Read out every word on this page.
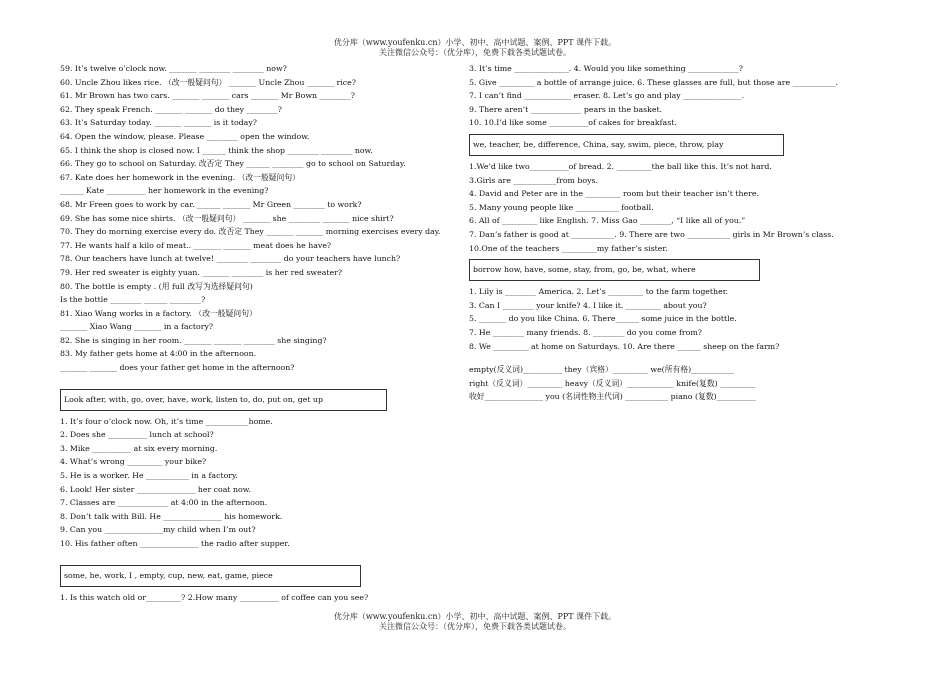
优分库（www.youfenku.cn）小学、初中、高中试题、案例、PPT 课件下载。
关注微信公众号：（优分库），免费下载各类试题试卷。
59. It’s twelve o’clock now. _______ ________ ________ now?
60. Uncle Zhou likes rice. （改一般疑问句） _______ Uncle Zhou _______ rice?
61. Mr Brown has two cars. _______ _______ cars _______ Mr Bown ________?
62. They speak French. _______ _______ do they ________?
63. It’s Saturday today. _______ _______ is it today?
64. Open the window, please. Please ________ open the window.
65. I think the shop is closed now. I ______ think the shop ________ ________ now.
66. They go to school on Saturday. 改否定 They ______ ________ go to school on Saturday.
67. Kate does her homework in the evening. （改一般疑问句）
______ Kate __________ her homework in the evening?
68. Mr Freen goes to work by car. ______ _______ Mr Green ________ to work?
69. She has some nice shirts. （改一般疑问句） _______ she ________ _______ nice shirt?
70. They do morning exercise every do. 改否定 They _______ _______ morning exercises every day.
77. He wants half a kilo of meat.. _______ _______ meat does he have?
78. Our teachers have lunch at twelve! ________ ________ do your teachers have lunch?
79. Her red sweater is eighty yuan. _______ ________ is her red sweater?
80. The bottle is empty . (用 full 改写为选择疑问句)
Is the bottle ________ ______ ________?
81. Xiao Wang works in a factory. （改一般疑问句）
_______ Xiao Wang _______ in a factory?
82. She is singing in her room. _______ _______ ________ she singing?
83. My father gets home at 4:00 in the afternoon.
_______ _______ does your father get home in the afternoon?
Look after, with, go, over, have, work, listen to, do, put on, get up
1. It’s four o’clock now. Oh, it’s time ___________home.
2. Does she __________ lunch at school?
3. Mike __________ at six every morning.
4. What’s wrong _________ your bike?
5. He is a worker. He ___________ in a factory.
6. Look! Her sister _______________ her coat now.
7. Classes are _____________ at 4:00 in the afternoon.
8. Don’t talk with Bill. He _______________ his homework.
9. Can you _______________my child when I’m out?
10. His father often _______________ the radio after supper.
some, he, work, I , empty, cup, new, eat, game, piece
1. Is this watch old or_________? 2.How many __________ of coffee can you see?
3. It’s time ______________. 4. Would you like something _____________?
5. Give _________ a bottle of arrange juice. 6. These glasses are full, but those are ___________.
7. I can’t find ____________ eraser. 8. Let’s go and play _______________.
9. There aren’t _____________ pears in the basket.
10. 10.I’d like some __________of cakes for breakfast.
we, teacher, be, difference, China, say, swim, piece, throw, play
1.We’d like two__________of bread. 2. _________the ball like this. It’s not hard.
3.Girls are ___________from boys.
4. David and Peter are in the _________ room but their teacher isn’t there.
5. Many young people like ___________ football.
6. All of _________ like English. 7. Miss Gao ________, “I like all of you.”
7. Dan’s father is good at ___________. 9. There are two ___________ girls in Mr Brown’s class.
10.One of the teachers _________my father’s sister.
borrow how, have, some, stay, from, go, be, what, where
1. Lily is ________ America. 2. Let’s _________ to the farm together.
3. Can I ________ your knife? 4. I like it. _________ about you?
5. _______ do you like China. 6. There______ some juice in the bottle.
7. He ________ many friends. 8. ________ do you come from?
8. We _________ at home on Saturdays. 10. Are there ______ sheep on the farm?
empty(反义词)__________ they（宾格）_________ we(所有格)___________
right（反义词）_________ heavy（反义词）____________ knife(复数) _________
收好_______________ you (名词性物主代词) ___________ piano (复数)__________
优分库（www.youfenku.cn）小学、初中、高中试题、案例、PPT 课件下载。
关注微信公众号：（优分库），免费下载各类试题试卷。
